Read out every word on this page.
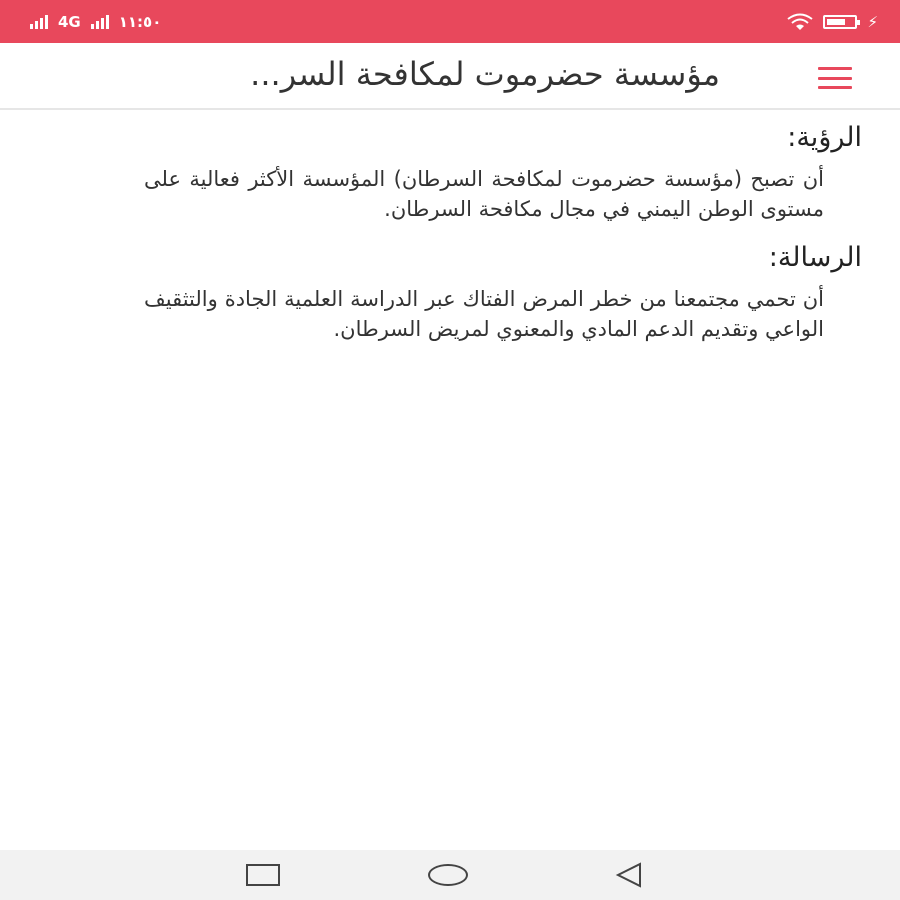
4G	١١:٥٠	⚡
مؤسسة حضرموت لمكافحة السر...
الرؤية:
أن تصبح (مؤسسة حضرموت لمكافحة السرطان) المؤسسة الأكثر فعالية على مستوى الوطن اليمني في مجال مكافحة السرطان.
الرسالة:
أن تحمي مجتمعنا من خطر المرض الفتاك عبر الدراسة العلمية الجادة والتثقيف الواعي وتقديم الدعم المادي والمعنوي لمريض السرطان.
